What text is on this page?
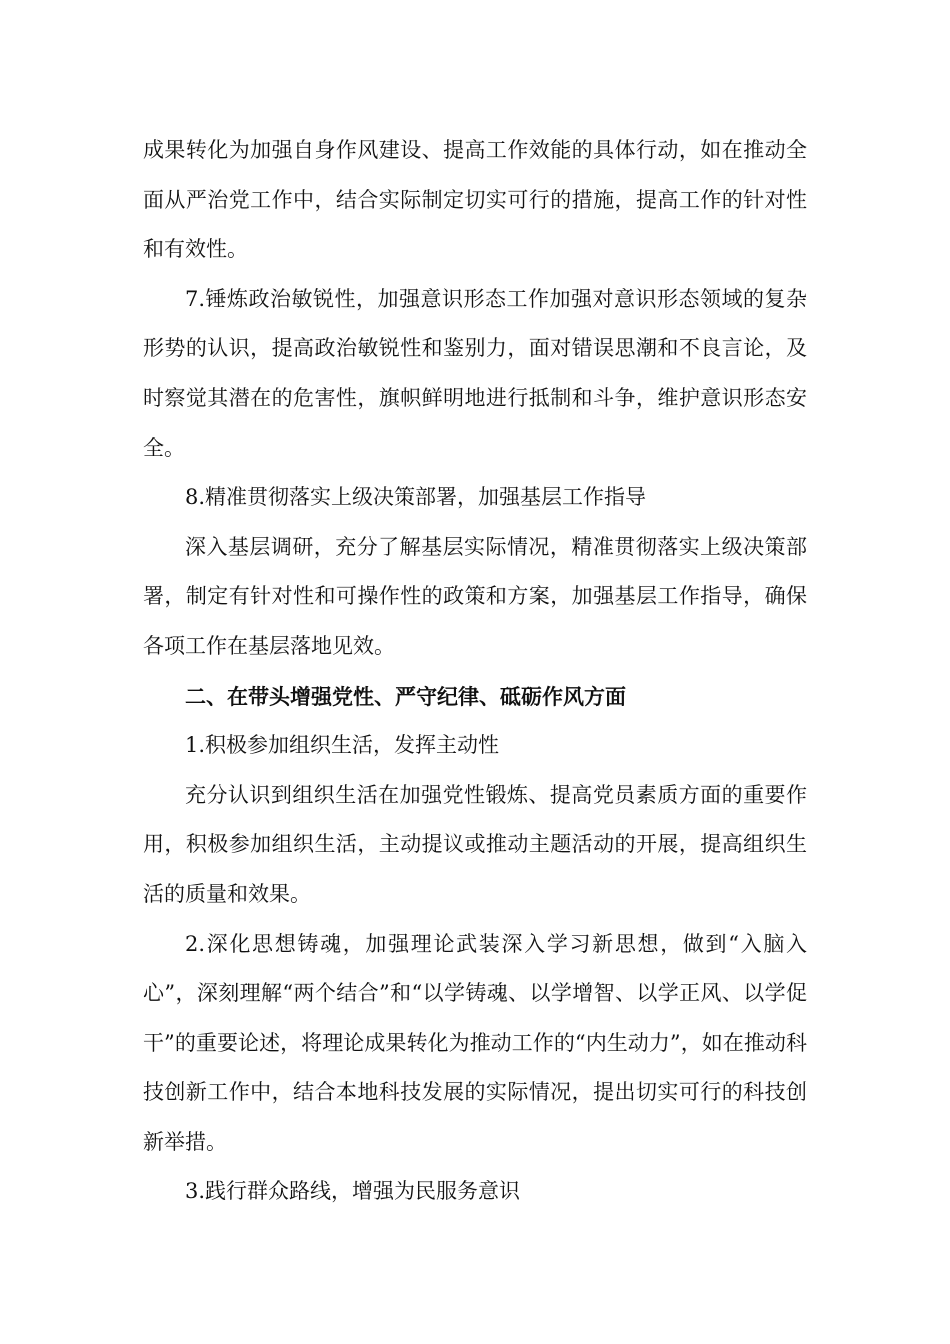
成果转化为加强自身作风建设、提高工作效能的具体行动，如在推动全面从严治党工作中，结合实际制定切实可行的措施，提高工作的针对性和有效性。

7.锤炼政治敏锐性，加强意识形态工作加强对意识形态领域的复杂形势的认识，提高政治敏锐性和鉴别力，面对错误思潮和不良言论，及时察觉其潜在的危害性，旗帜鲜明地进行抵制和斗争，维护意识形态安全。

8.精准贯彻落实上级决策部署，加强基层工作指导

深入基层调研，充分了解基层实际情况，精准贯彻落实上级决策部署，制定有针对性和可操作性的政策和方案，加强基层工作指导，确保各项工作在基层落地见效。

二、在带头增强党性、严守纪律、砥砺作风方面

1.积极参加组织生活，发挥主动性

充分认识到组织生活在加强党性锻炼、提高党员素质方面的重要作用，积极参加组织生活，主动提议或推动主题活动的开展，提高组织生活的质量和效果。

2.深化思想铸魂，加强理论武装深入学习新思想，做到“入脑入心”，深刻理解“两个结合”和“以学铸魂、以学增智、以学正风、以学促干”的重要论述，将理论成果转化为推动工作的“内生动力”，如在推动科技创新工作中，结合本地科技发展的实际情况，提出切实可行的科技创新举措。

3.践行群众路线，增强为民服务意识
